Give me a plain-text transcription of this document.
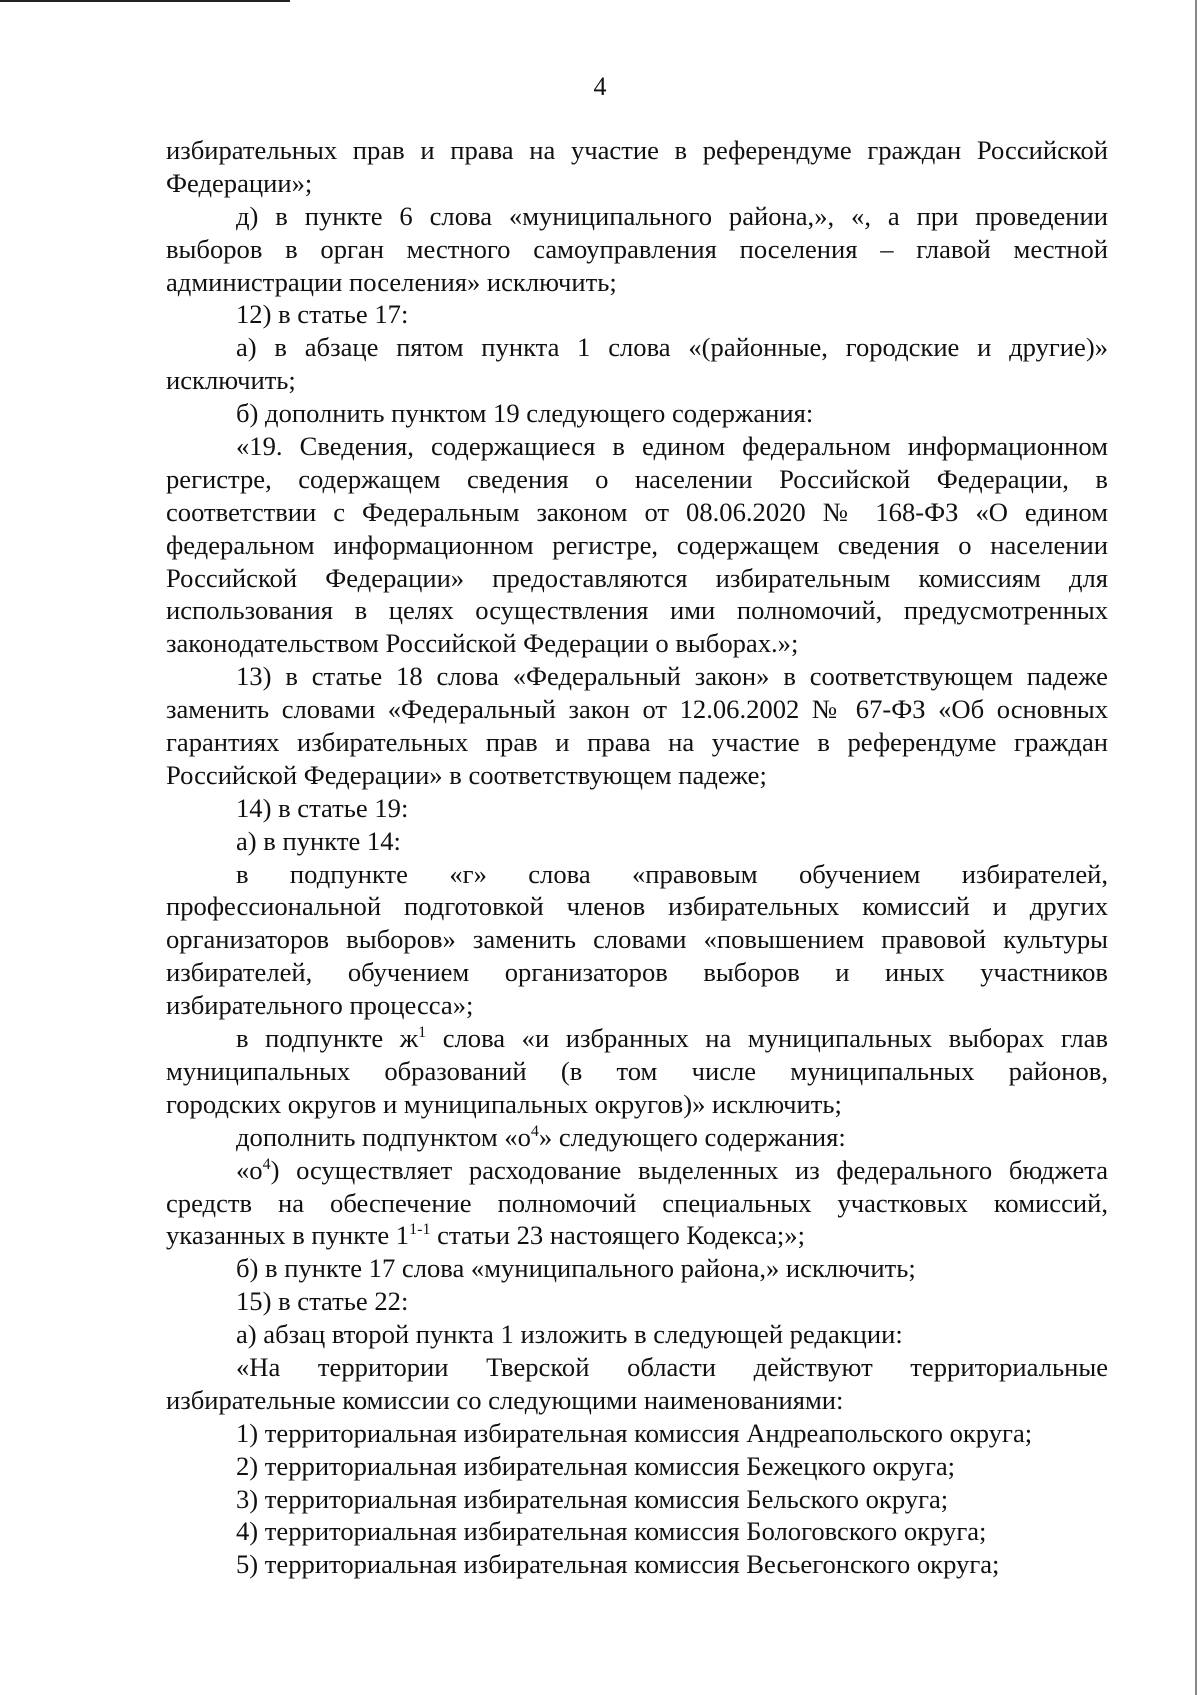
4
избирательных прав и права на участие в референдуме граждан Российской
Федерации»;
д) в пункте 6 слова «муниципального района,», «, а при проведении
выборов в орган местного самоуправления поселения – главой местной
администрации поселения» исключить;
12) в статье 17:
а) в абзаце пятом пункта 1 слова «(районные, городские и другие)»
исключить;
б) дополнить пунктом 19 следующего содержания:
«19. Сведения, содержащиеся в едином федеральном информационном
регистре, содержащем сведения о населении Российской Федерации, в
соответствии с Федеральным законом от 08.06.2020 № 168-ФЗ «О едином
федеральном информационном регистре, содержащем сведения о населении
Российской Федерации» предоставляются избирательным комиссиям для
использования в целях осуществления ими полномочий, предусмотренных
законодательством Российской Федерации о выборах.»;
13) в статье 18 слова «Федеральный закон» в соответствующем падеже
заменить словами «Федеральный закон от 12.06.2002 № 67-ФЗ «Об основных
гарантиях избирательных прав и права на участие в референдуме граждан
Российской Федерации» в соответствующем падеже;
14) в статье 19:
а) в пункте 14:
в подпункте «г» слова «правовым обучением избирателей,
профессиональной подготовкой членов избирательных комиссий и других
организаторов выборов» заменить словами «повышением правовой культуры
избирателей, обучением организаторов выборов и иных участников
избирательного процесса»;
в подпункте $ж^1$ слова «и избранных на муниципальных выборах глав
муниципальных образований (в том числе муниципальных районов,
городских округов и муниципальных округов)» исключить;
дополнить подпунктом «$о^4$» следующего содержания:
«$о^4$) осуществляет расходование выделенных из федерального бюджета
средств на обеспечение полномочий специальных участковых комиссий,
указанных в пункте 1$^{1-1}$ статьи 23 настоящего Кодекса;»;
б) в пункте 17 слова «муниципального района,» исключить;
15) в статье 22:
а) абзац второй пункта 1 изложить в следующей редакции:
«На территории Тверской области действуют территориальные
избирательные комиссии со следующими наименованиями:
1) территориальная избирательная комиссия Андреапольского округа;
2) территориальная избирательная комиссия Бежецкого округа;
3) территориальная избирательная комиссия Бельского округа;
4) территориальная избирательная комиссия Бологовского округа;
5) территориальная избирательная комиссия Весьегонского округа;
